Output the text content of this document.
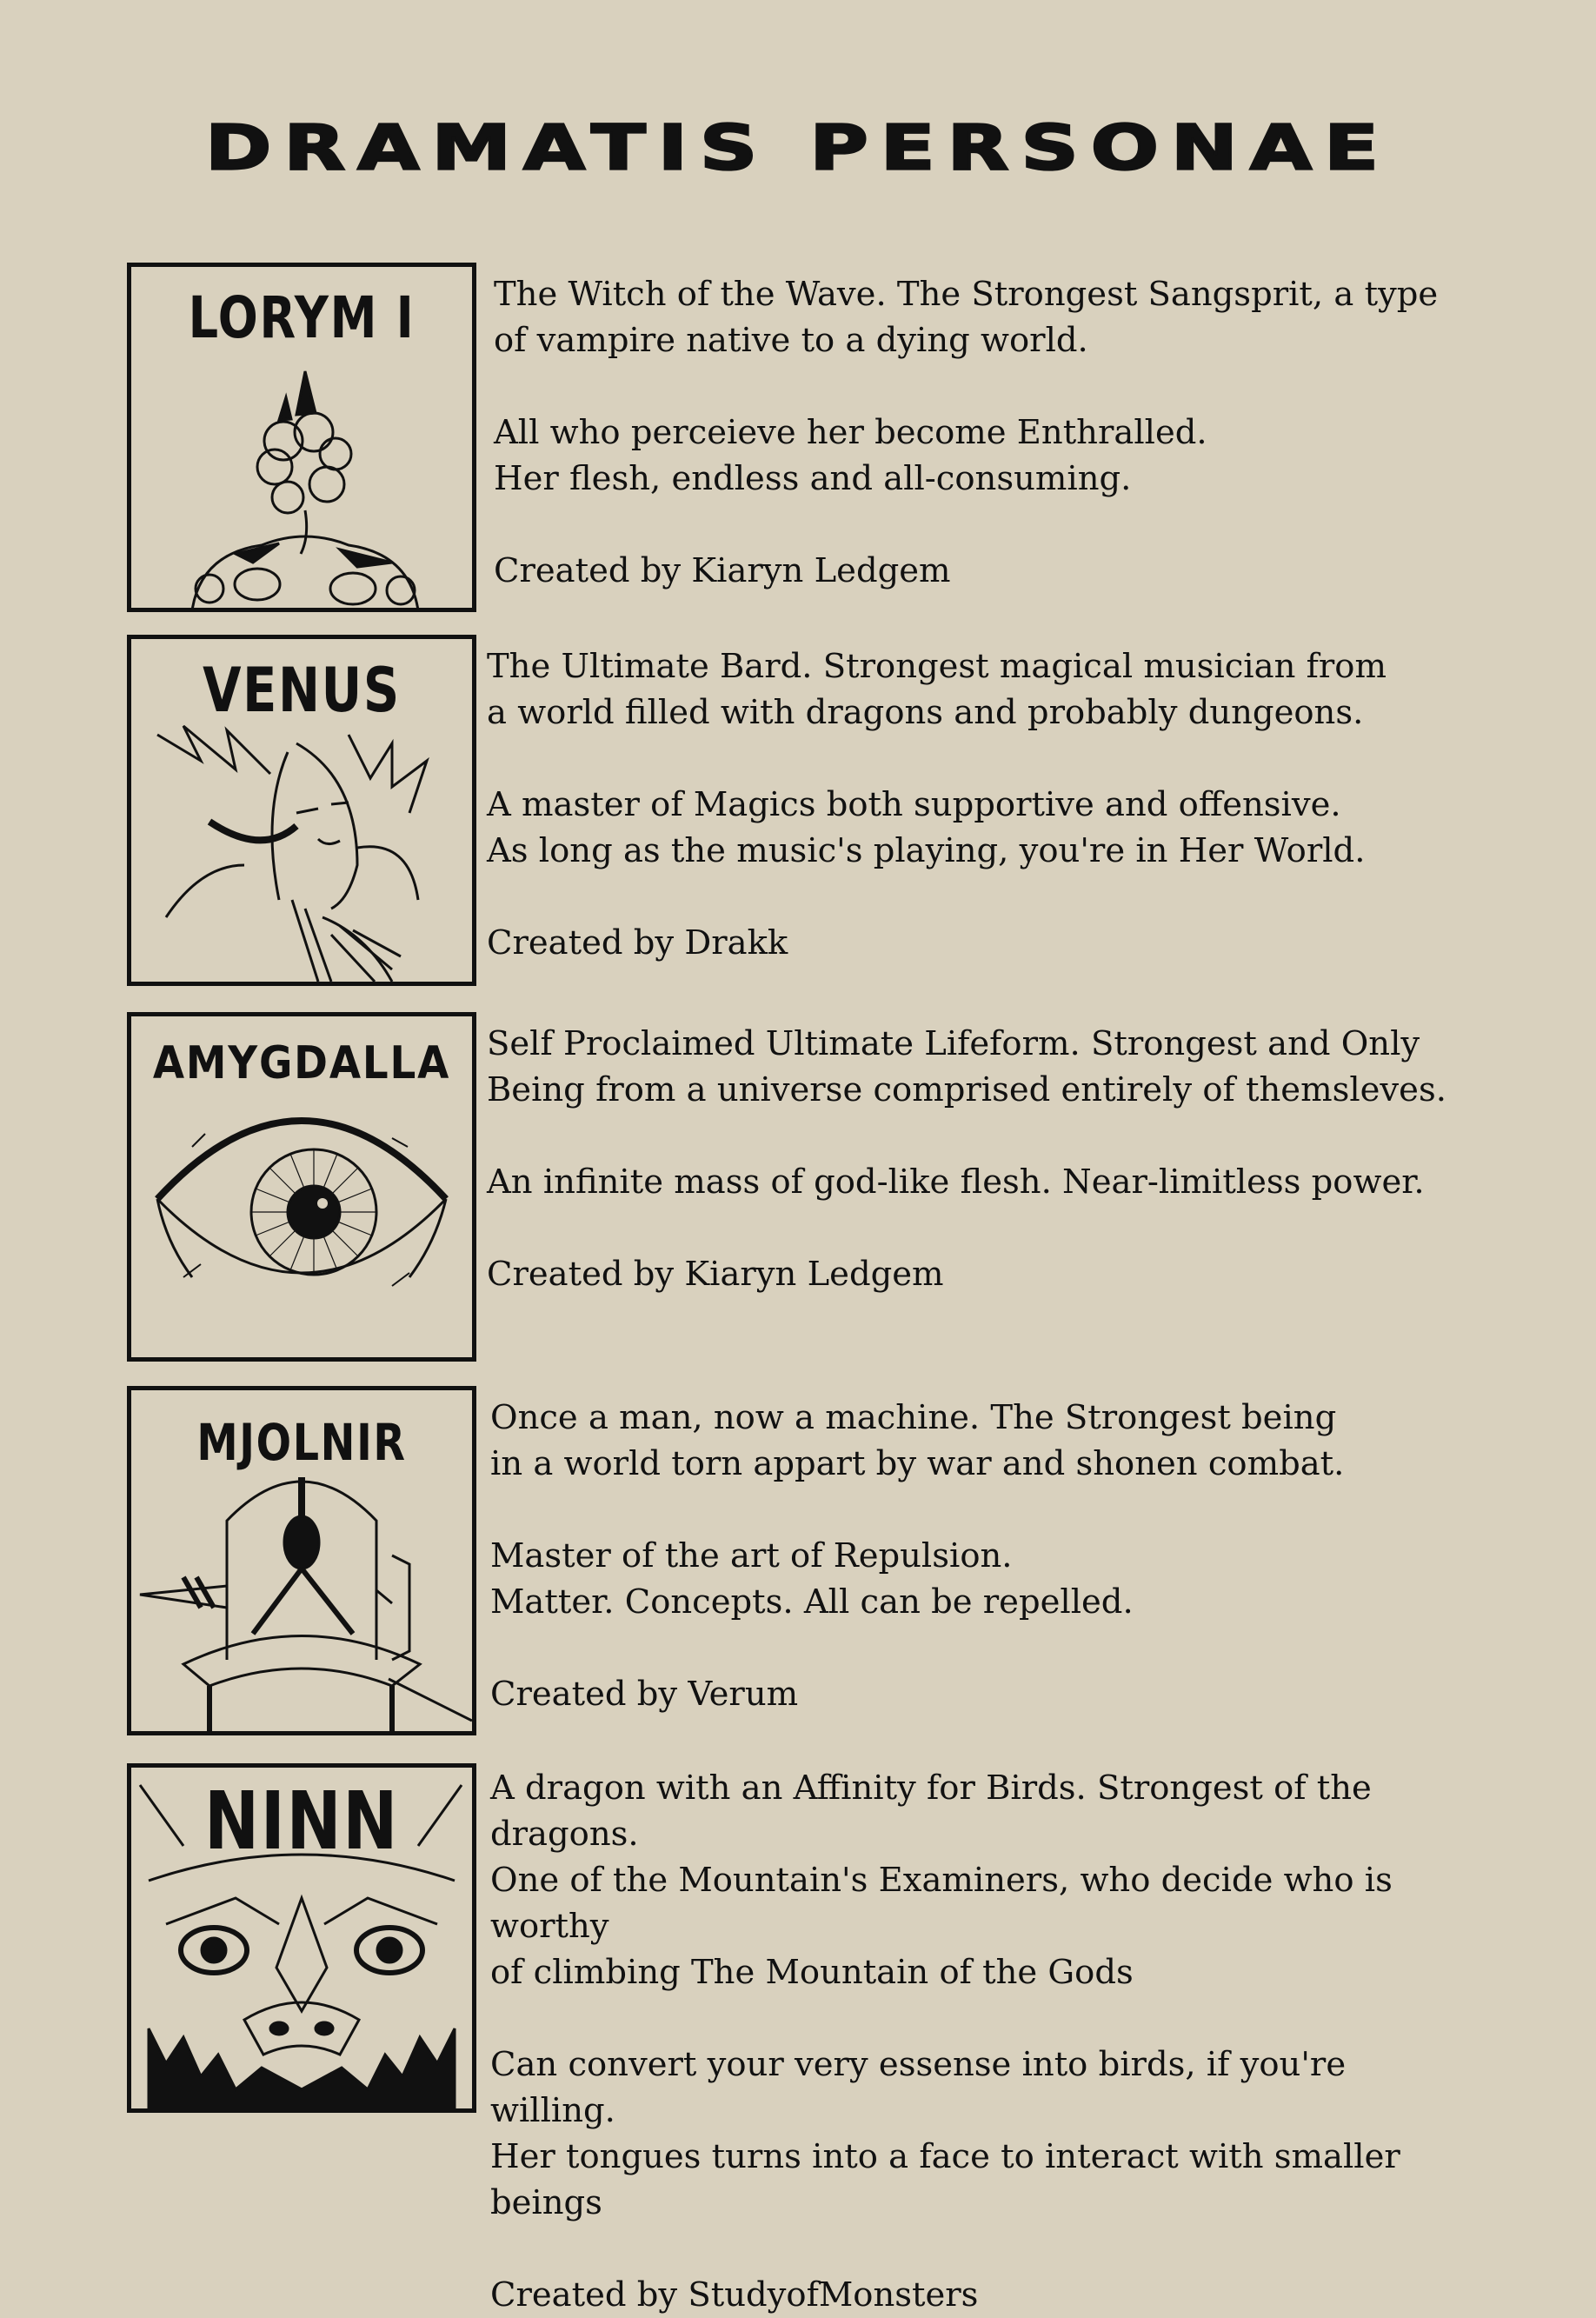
DRAMATIS PERSONAE
LORYM I	The Witch of the Wave. The Strongest Sangsprit, a type

of vampire native to a dying world.

All who perceieve her become Enthralled.

Her flesh, endless and all-consuming.

Created by Kiaryn Ledgem

VENUS	The Ultimate Bard. Strongest magical musician from

a world filled with dragons and probably dungeons.

A master of Magics both supportive and offensive.

As long as the music's playing, you're in Her World.

Created by Drakk

AMYGDALLA Self Proclaimed Ultimate Lifeform. Strongest and Only

Being from a universe comprised entirely of themsleves.

An infinite mass of god-like flesh. Near-limitless power.

Created by Kiaryn Ledgem

MJOLNIR	Once a man, now a machine. The Strongest being

in a world torn appart by war and shonen combat.

Master of the art of Repulsion.

Matter. Concepts. All can be repelled.

Created by Verum

NINN	A dragon with an Affinity for Birds. Strongest of the dragons.

One of the Mountain's Examiners, who decide who is worthy

of climbing The Mountain of the Gods

Can convert your very essense into birds, if you're willing.

Her tongues turns into a face to interact with smaller beings

Created by StudyofMonsters
